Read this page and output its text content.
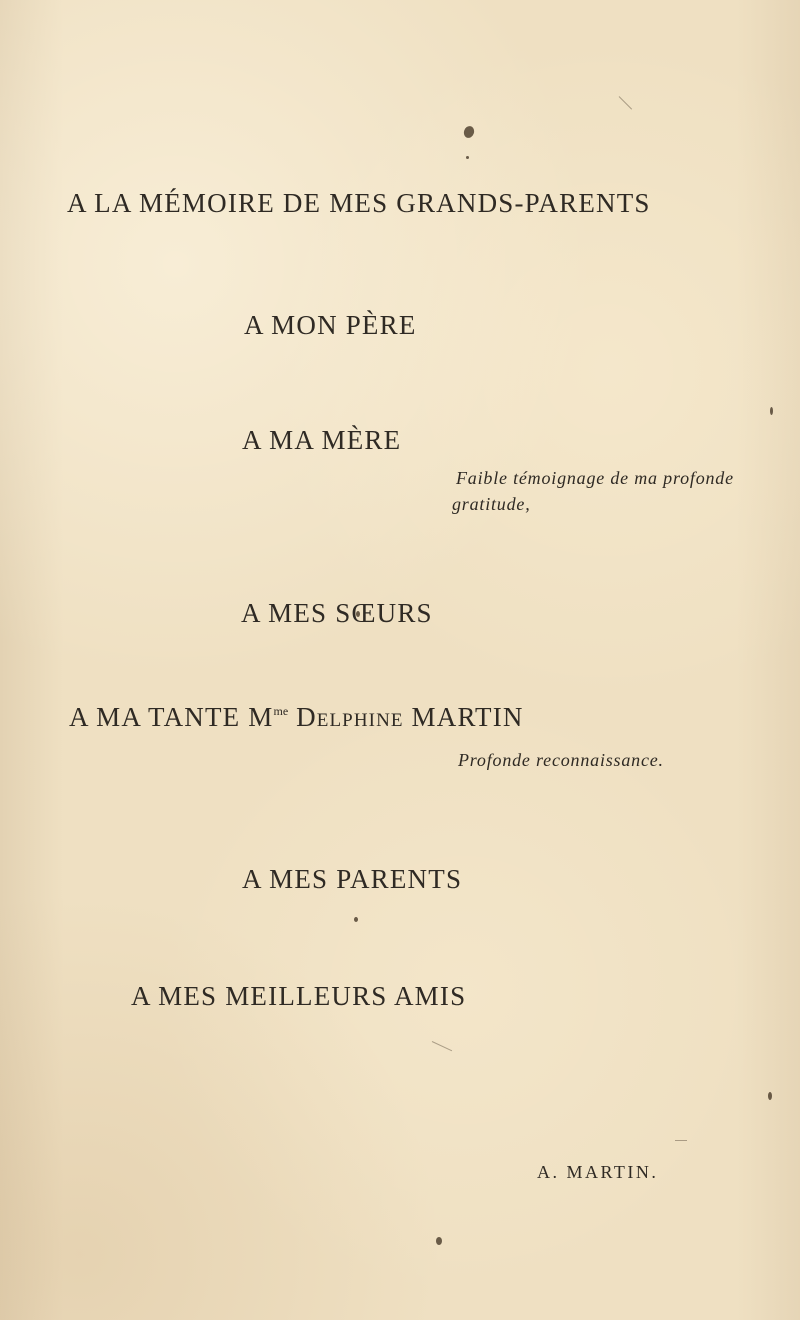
A LA MÉMOIRE DE MES GRANDS-PARENTS
A MON PÈRE
A MA MÈRE
Faible témoignage de ma profonde
gratitude,
A MES SŒURS
A MA TANTE $M^{me}$ Delphine MARTIN
Profonde reconnaissance.
A MES PARENTS
A MES MEILLEURS AMIS
A. MARTIN.
